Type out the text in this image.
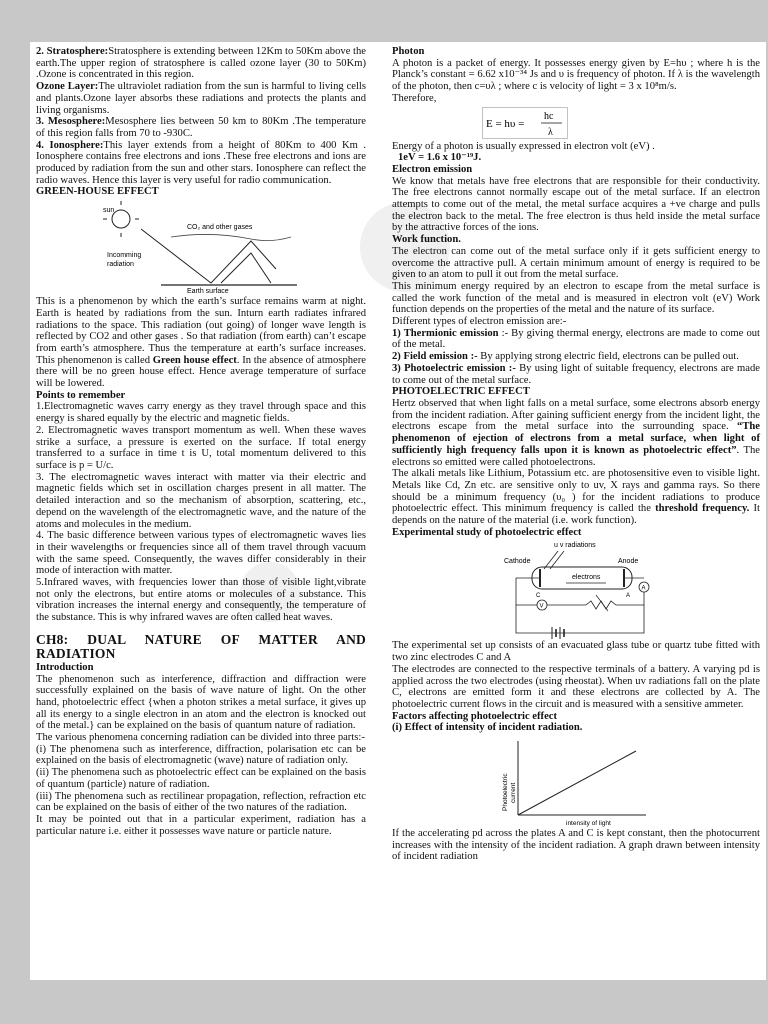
2. Stratosphere:Stratosphere is extending between 12Km to 50Km above the earth.The upper region of stratosphere is called ozone layer (30 to 50Km) .Ozone is concentrated in this region.

Ozone Layer:The ultraviolet radiation from the sun is harmful to living cells and plants.Ozone layer absorbs these radiations and protects the plants and living organisms.

3. Mesosphere:Mesosphere lies between 50 km to 80Km .The temperature of this region falls from 70 to -930C.

4. Ionosphere:This layer extends from a height of 80Km to 400 Km . Ionosphere contains free electrons and ions .These free electrons and ions are produced by radiation from the sun and other stars. Ionosphere can reflect the radio waves. Hence this layer is very useful for radio communication.

GREEN-HOUSE EFFECT

sun
CO₂ and other gases
Incomming
radiation
Earth surface

This is a phenomenon by which the earth’s surface remains warm at night. Earth is heated by radiations from the sun. Inturn earth radiates infrared radiations to the space. This radiation (out going) of longer wave length is reflected by CO2 and other gases . So that radiation (from earth) can’t escape from earth’s atmosphere. Thus the temperature at earth’s surface increases. This phenomenon is called Green house effect. In the absence of atmosphere there will be no green house effect. Hence average temperature of surface will be lowered.

Points to remember

1.Electromagnetic waves carry energy as they travel through space and this energy is shared equally by the electric and magnetic fields.

2. Electromagnetic waves transport momentum as well. When these waves strike a surface, a pressure is exerted on the surface. If total energy transferred to a surface in time t is U, total momentum delivered to this surface is p = U/c.

3. The electromagnetic waves interact with matter via their electric and magnetic fields which set in oscillation charges present in all matter. The detailed interaction and so the mechanism of absorption, scattering, etc., depend on the wavelength of the electromagnetic wave, and the nature of the atoms and molecules in the medium.

4. The basic difference between various types of electromagnetic waves lies in their wavelengths or frequencies since all of them travel through vacuum with the same speed. Consequently, the waves differ considerably in their mode of interaction with matter.

5.Infrared waves, with frequencies lower than those of visible light,vibrate not only the electrons, but entire atoms or molecules of a substance. This vibration increases the internal energy and consequently, the temperature of the substance. This is why infrared waves are often called heat waves.

CH8: DUAL NATURE OF MATTER AND RADIATION

Introduction

The phenomenon such as interference, diffraction and diffraction were successfully explained on the basis of wave nature of light. On the other hand, photoelectric effect {when a photon strikes a metal surface, it gives up all its energy to a single electron in an atom and the electron is knocked out of the metal.} can be explained on the basis of quantum nature of radiation.

The various phenomena concerning radiation can be divided into three parts:-

(i) The phenomena such as interference, diffraction, polarisation etc can be explained on the basis of electromagnetic (wave) nature of radiation only.

(ii) The phenomena such as photoelectric effect can be explained on the basis of quantum (particle) nature of radiation.

(iii) The phenomena such as rectilinear propagation, reflection, refraction etc can be explained on the basis of either of the two natures of the radiation.

It may be pointed out that in a particular experiment, radiation has a particular nature i.e. either it possesses wave nature or particle nature.

Photon

A photon is a packet of energy. It possesses energy given by E=hυ ; where h is the Planck’s constant = 6.62 x10⁻³⁴ Js and υ is frequency of photon. If λ is the wavelength of the photon, then c=υλ ; where c is velocity of light = 3 x 10⁸m/s.

Therefore,

E = hυ =
hc
λ

Energy of a photon is usually expressed in electron volt (eV) .

1eV = 1.6 x 10⁻¹⁹J.

Electron emission

We know that metals have free electrons that are responsible for their conductivity. The free electrons cannot normally escape out of the metal surface. If an electron attempts to come out of the metal, the metal surface acquires a +ve charge and pulls the electron back to the metal. The free electron is thus held inside the metal surface by the attractive forces of the ions.

Work function.

The electron can come out of the metal surface only if it gets sufficient energy to overcome the attractive pull. A certain minimum amount of energy is required to be given to an atom to pull it out from the metal surface.

This minimum energy required by an electron to escape from the metal surface is called the work function of the metal and is measured in electron volt (eV) Work function depends on the properties of the metal and the nature of its surface.

Different types of electron emission are:-

1) Thermionic emission :- By giving thermal energy, electrons are made to come out of the metal.

2) Field emission :- By applying strong electric field, electrons can be pulled out.

3) Photoelectric emission :- By using light of suitable frequency, electrons are made to come out of the metal surface.

PHOTOELECTRIC EFFECT

Hertz observed that when light falls on a metal surface, some electrons absorb energy from the incident radiation. After gaining sufficient energy from the incident light, the electrons escape from the metal surface into the surrounding space. “The phenomenon of ejection of electrons from a metal surface, when light of sufficiently high frequency falls upon it is known as photoelectric effect”. The electrons so emitted were called photoelectrons.

The alkali metals like Lithium, Potassium etc. are photosensitive even to visible light. Metals like Cd, Zn etc. are sensitive only to uv, X rays and gamma rays. So there should be a minimum frequency (υ₀ ) for the incident radiations to produce photoelectric effect. This minimum frequency is called the threshold frequency. It depends on the nature of the material (i.e. work function).

Experimental study of photoelectric effect

u v radiations
Cathode	Anode
C	A
electrons
A
V

The experimental set up consists of an evacuated glass tube or quartz tube fitted with two zinc electrodes C and A

The electrodes are connected to the respective terminals of a battery. A varying pd is applied across the two electrodes (using rheostat). When uv radiations fall on the plate C, electrons are emitted form it and these electrons are collected by A. The photoelectric current flows in the circuit and is measured with a sensitive ammeter.

Factors affecting photoelectric effect

(i) Effect of intensity of incident radiation.

Photoelectric current
intensity of light

If the accelerating pd across the plates A and C is kept constant, then the photocurrent increases with the intensity of the incident radiation. A graph drawn between intensity of incident radiation
